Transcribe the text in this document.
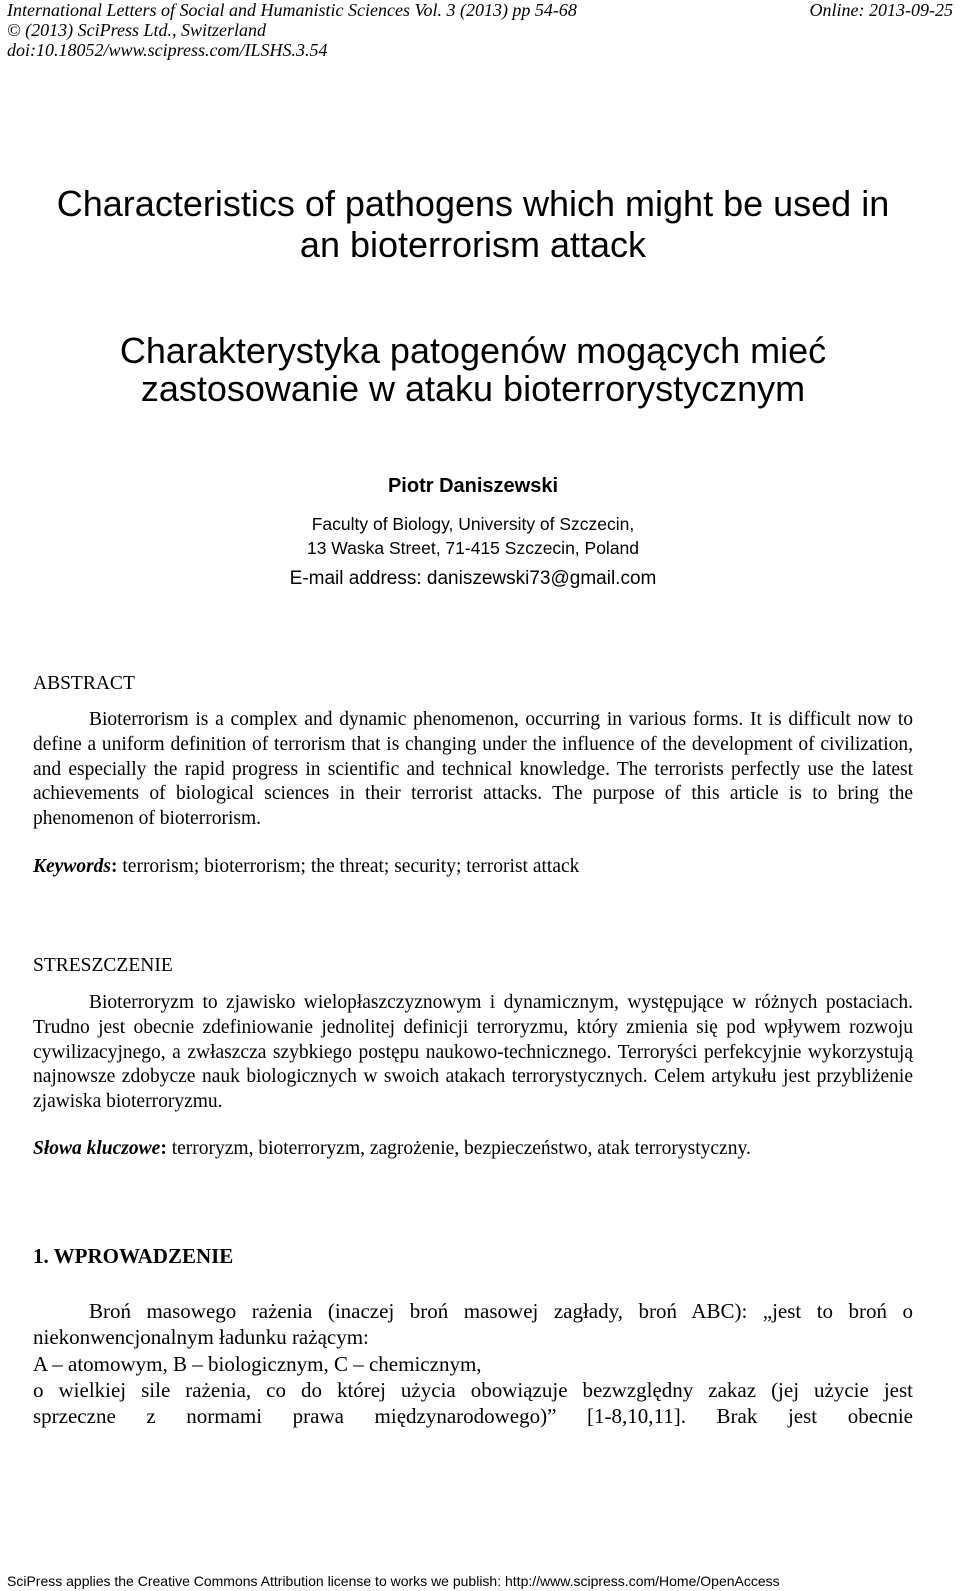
International Letters of Social and Humanistic Sciences Vol. 3 (2013) pp 54-68	Online: 2013-09-25
© (2013) SciPress Ltd., Switzerland
doi:10.18052/www.scipress.com/ILSHS.3.54
Characteristics of pathogens which might be used in
an bioterrorism attack
Charakterystyka patogenów mogących mieć
zastosowanie w ataku bioterrorystycznym
Piotr Daniszewski
Faculty of Biology, University of Szczecin,
13 Waska Street, 71-415 Szczecin, Poland
E-mail address: daniszewski73@gmail.com
ABSTRACT

Bioterrorism is a complex and dynamic phenomenon, occurring in various forms. It is difficult now to define a uniform definition of terrorism that is changing under the influence of the development of civilization, and especially the rapid progress in scientific and technical knowledge. The terrorists perfectly use the latest achievements of biological sciences in their terrorist attacks. The purpose of this article is to bring the phenomenon of bioterrorism.

Keywords: terrorism; bioterrorism; the threat; security; terrorist attack
STRESZCZENIE

Bioterroryzm to zjawisko wielopłaszczyznowym i dynamicznym, występujące w różnych postaciach. Trudno jest obecnie zdefiniowanie jednolitej definicji terroryzmu, który zmienia się pod wpływem rozwoju cywilizacyjnego, a zwłaszcza szybkiego postępu naukowo-technicznego. Terroryści perfekcyjnie wykorzystują najnowsze zdobycze nauk biologicznych w swoich atakach terrorystycznych. Celem artykułu jest przybliżenie zjawiska bioterroryzmu.

Słowa kluczowe: terroryzm, bioterroryzm, zagrożenie, bezpieczeństwo, atak terrorystyczny.
1. WPROWADZENIE
Broń masowego rażenia (inaczej broń masowej zagłady, broń ABC): „jest to broń o
niekonwencjonalnym ładunku rażącym:
A – atomowym, B – biologicznym, C – chemicznym,
o wielkiej sile rażenia, co do której użycia obowiązuje bezwzględny zakaz (jej użycie jest
sprzeczne z normami prawa międzynarodowego)” [1-8,10,11]. Brak jest obecnie
SciPress applies the Creative Commons Attribution license to works we publish: http://www.scipress.com/Home/OpenAccess
